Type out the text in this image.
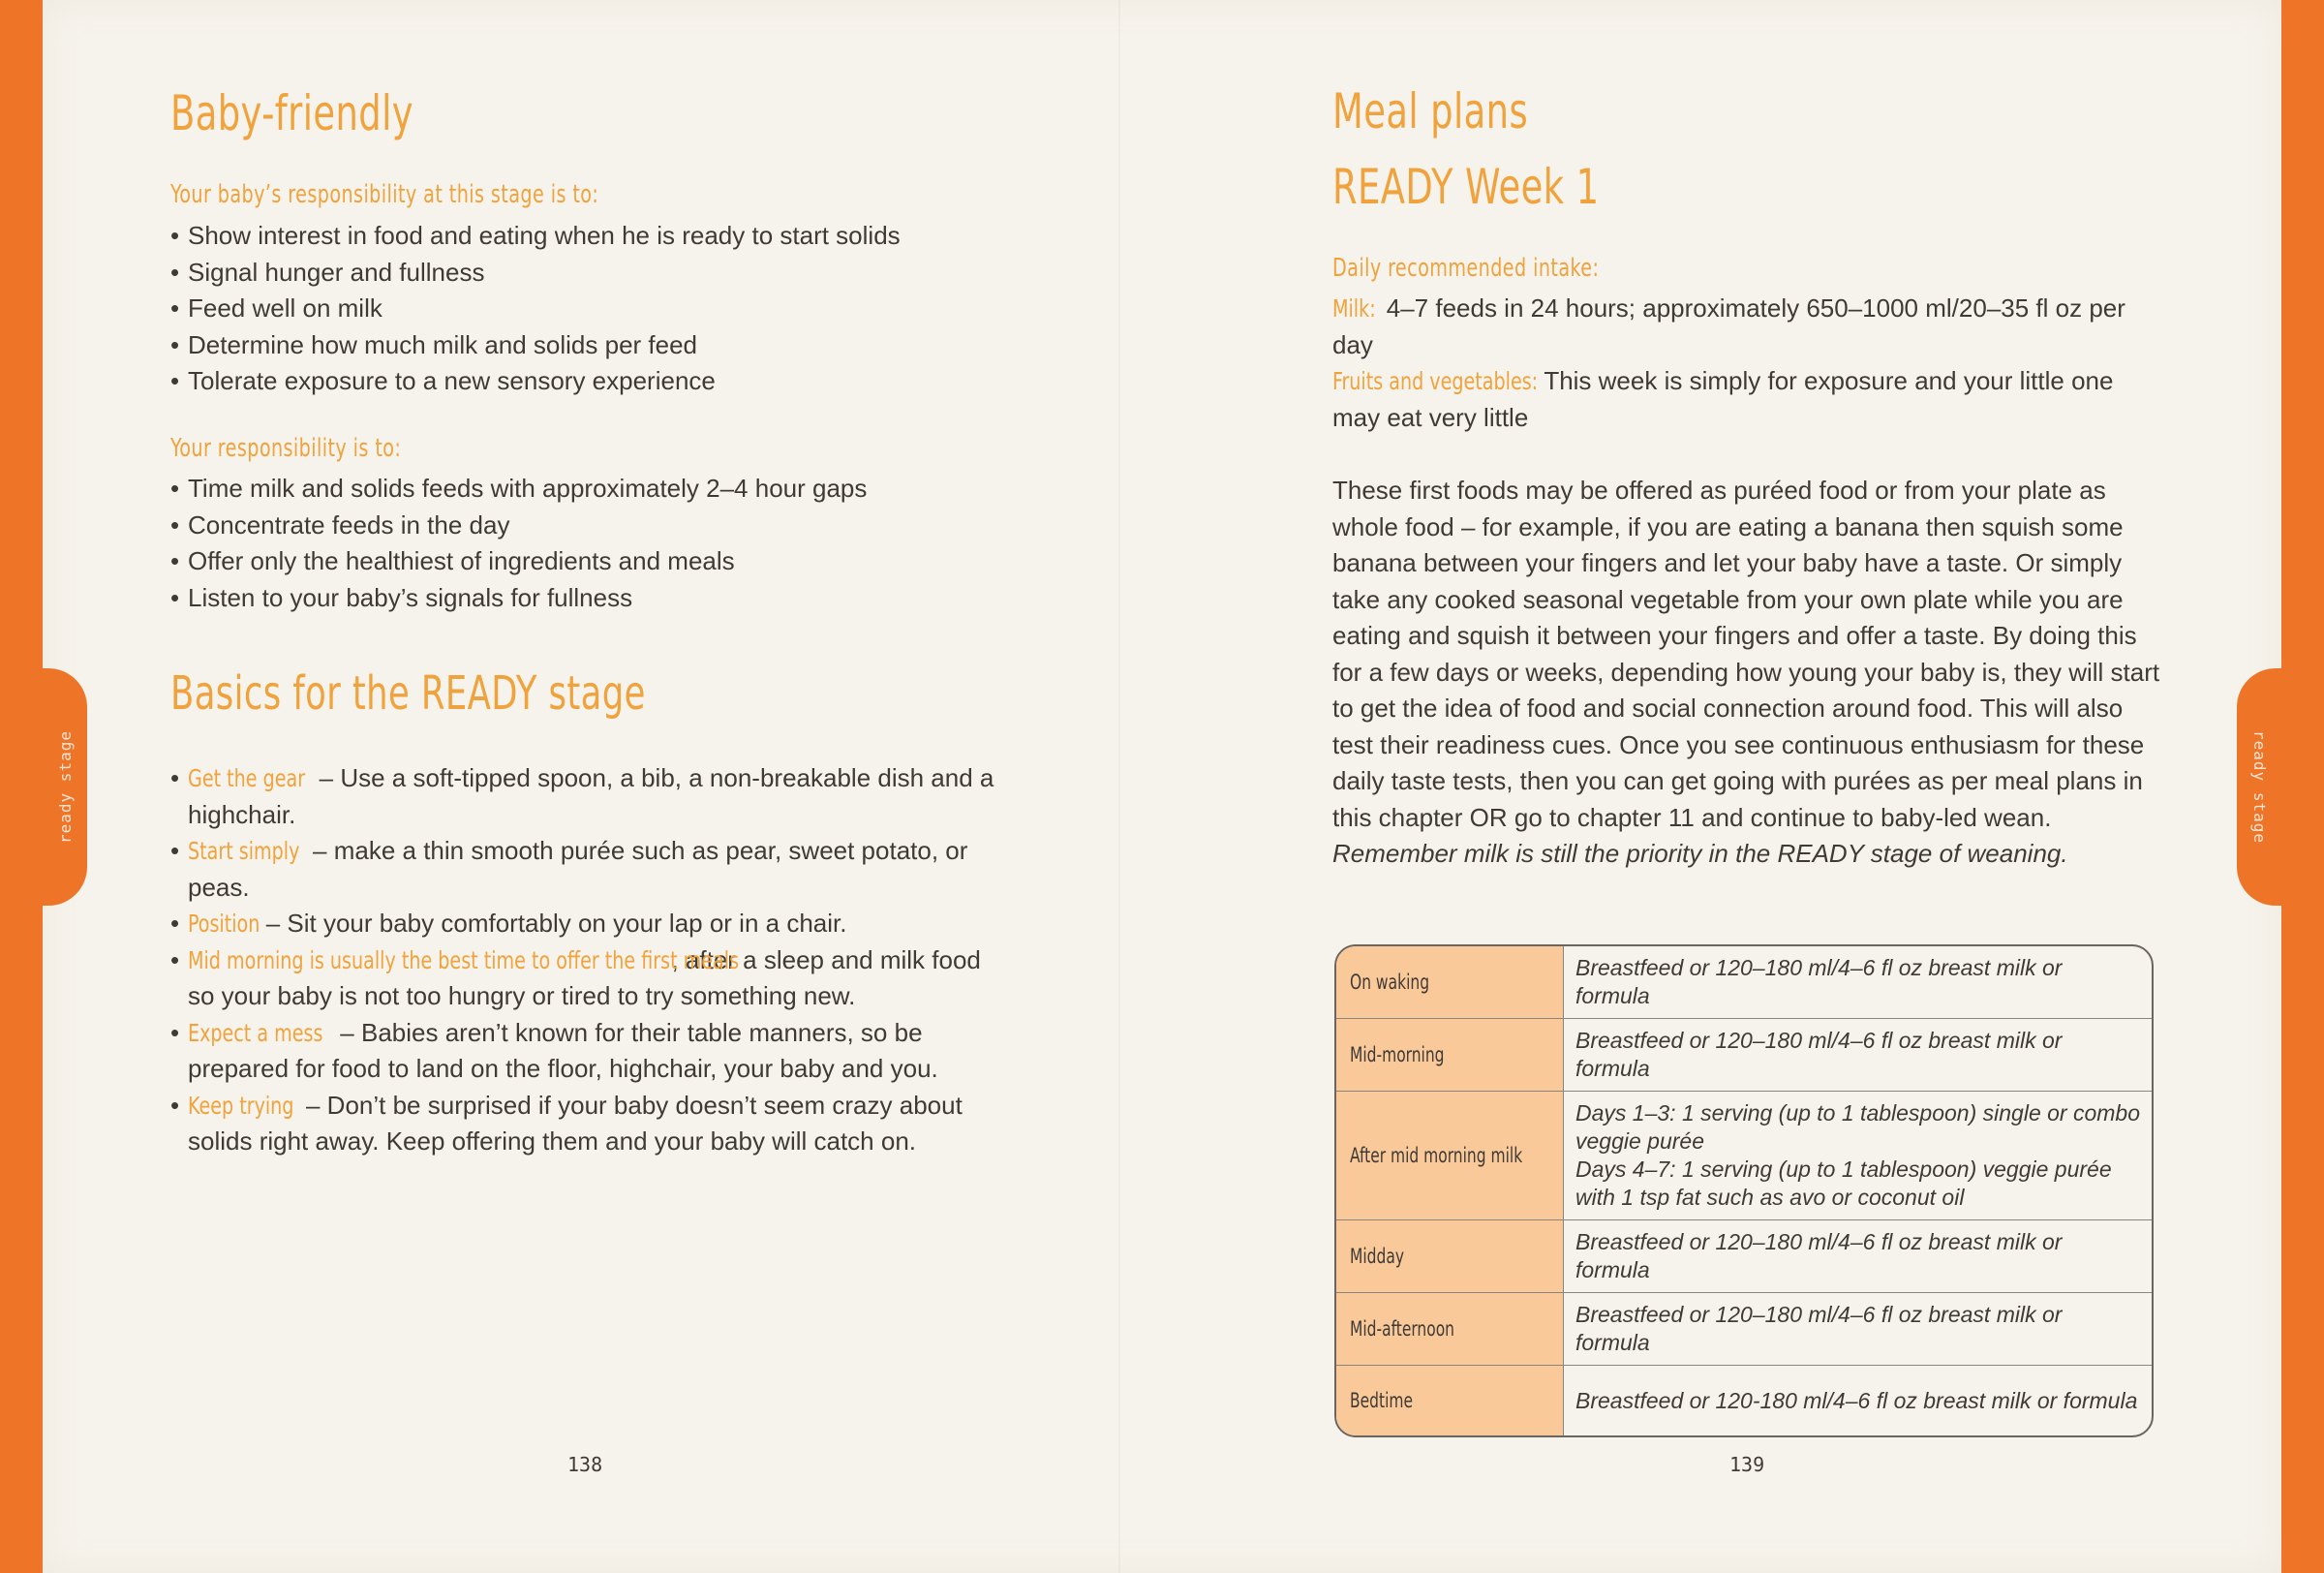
ready stage	ready stage
Baby-friendly
Your baby’s responsibility at this stage is to:
• Show interest in food and eating when he is ready to start solids
• Signal hunger and fullness
• Feed well on milk
• Determine how much milk and solids per feed
• Tolerate exposure to a new sensory experience
Your responsibility is to:
• Time milk and solids feeds with approximately 2–4 hour gaps
• Concentrate feeds in the day
• Offer only the healthiest of ingredients and meals
• Listen to your baby’s signals for fullness
Basics for the READY stage
• Get the gear – Use a soft-tipped spoon, a bib, a non-breakable dish and a highchair.
• Start simply – make a thin smooth purée such as pear, sweet potato, or peas.
• Position – Sit your baby comfortably on your lap or in a chair.
• Mid morning is usually the best time to offer the first meals, after a sleep and milk food so your baby is not too hungry or tired to try something new.
• Expect a mess – Babies aren’t known for their table manners, so be prepared for food to land on the floor, highchair, your baby and you.
• Keep trying – Don’t be surprised if your baby doesn’t seem crazy about solids right away. Keep offering them and your baby will catch on.
138
Meal plans
READY Week 1
Daily recommended intake:
Milk: 4–7 feeds in 24 hours; approximately 650–1000 ml/20–35 fl oz per day
Fruits and vegetables: This week is simply for exposure and your little one may eat very little
These first foods may be offered as puréed food or from your plate as whole food – for example, if you are eating a banana then squish some banana between your fingers and let your baby have a taste. Or simply take any cooked seasonal vegetable from your own plate while you are eating and squish it between your fingers and offer a taste. By doing this for a few days or weeks, depending how young your baby is, they will start to get the idea of food and social connection around food. This will also test their readiness cues. Once you see continuous enthusiasm for these daily taste tests, then you can get going with purées as per meal plans in this chapter OR go to chapter 11 and continue to baby-led wean. Remember milk is still the priority in the READY stage of weaning.
139
On waking	Breastfeed or 120–180 ml/4–6 fl oz breast milk or formula
Mid-morning	Breastfeed or 120–180 ml/4–6 fl oz breast milk or formula
After mid morning milk	Days 1–3: 1 serving (up to 1 tablespoon) single or combo veggie purée
Days 4–7: 1 serving (up to 1 tablespoon) veggie purée with 1 tsp fat such as avo or coconut oil

Midday	Breastfeed or 120–180 ml/4–6 fl oz breast milk or formula
Mid-afternoon	Breastfeed or 120–180 ml/4–6 fl oz breast milk or formula
Bedtime	Breastfeed or 120-180 ml/4–6 fl oz breast milk or formula
